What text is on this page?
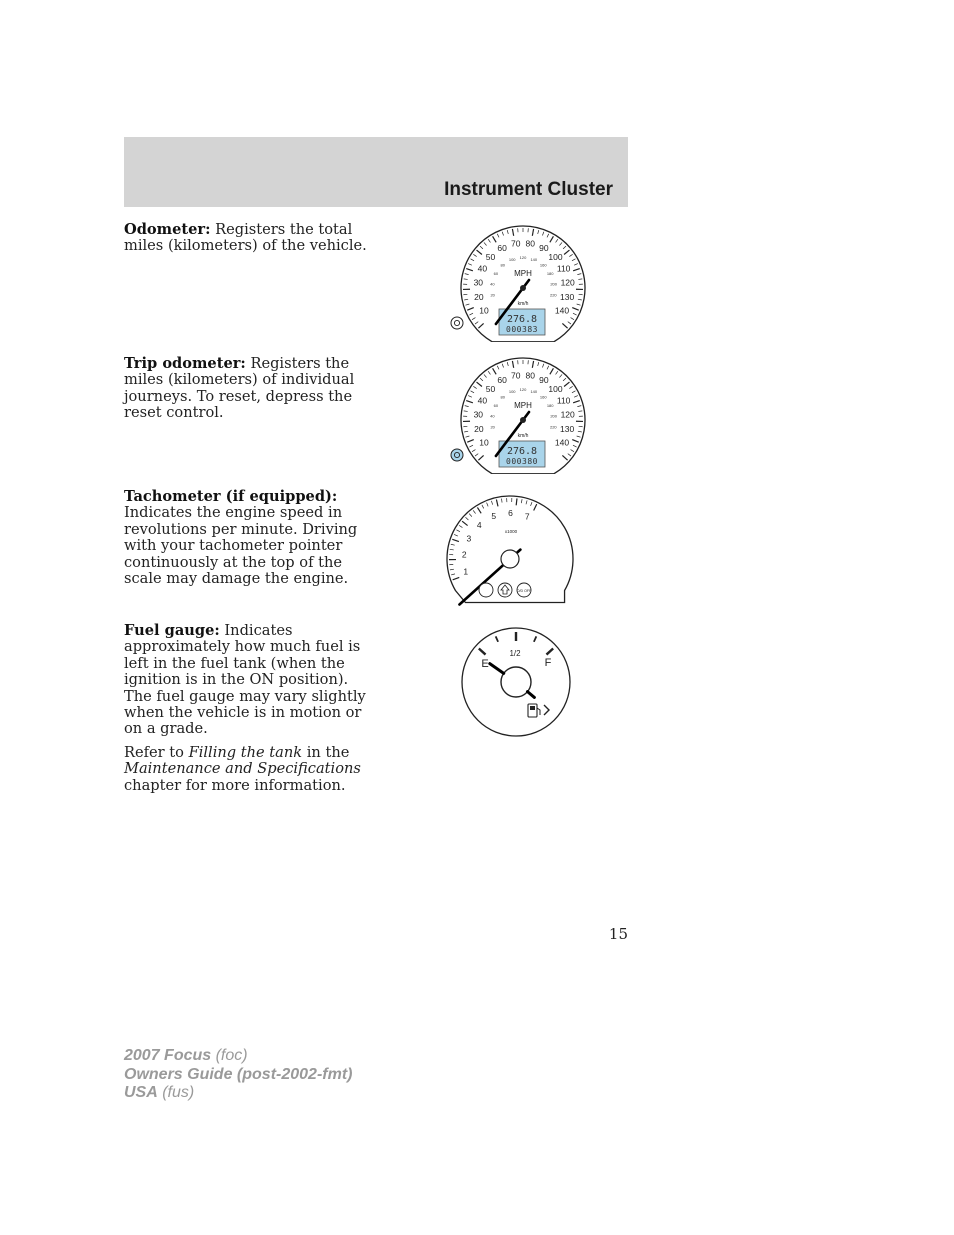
Instrument Cluster

Odometer: Registers the total miles (kilometers) of the vehicle.

Trip odometer: Registers the miles (kilometers) of individual journeys. To reset, depress the reset control.

Tachometer (if equipped): Indicates the engine speed in revolutions per minute. Driving with your tachometer pointer continuously at the top of the scale may damage the engine.

Fuel gauge: Indicates approximately how much fuel is left in the fuel tank (when the ignition is in the ON position). The fuel gauge may vary slightly when the vehicle is in motion or on a grade.

Refer to Filling the tank in the Maintenance and Specifications chapter for more information.

10
20
30
40
50
60 70 80 90
100
110
120
130
140
20
40
60
80
100 120 140
160
180
200
220
MPH
km/h
276.8
000383
10
20
30
40
50
60 70 80 90
100
110
120
130
140
20
40
60
80
100 120 140
160
180
200
220
MPH
km/h
276.8
000380
1
2
3
4
5 6 7
x1000
O/D OFF
E
1/2
F
15
2007 Focus (foc)
Owners Guide (post-2002-fmt)
USA (fus)
